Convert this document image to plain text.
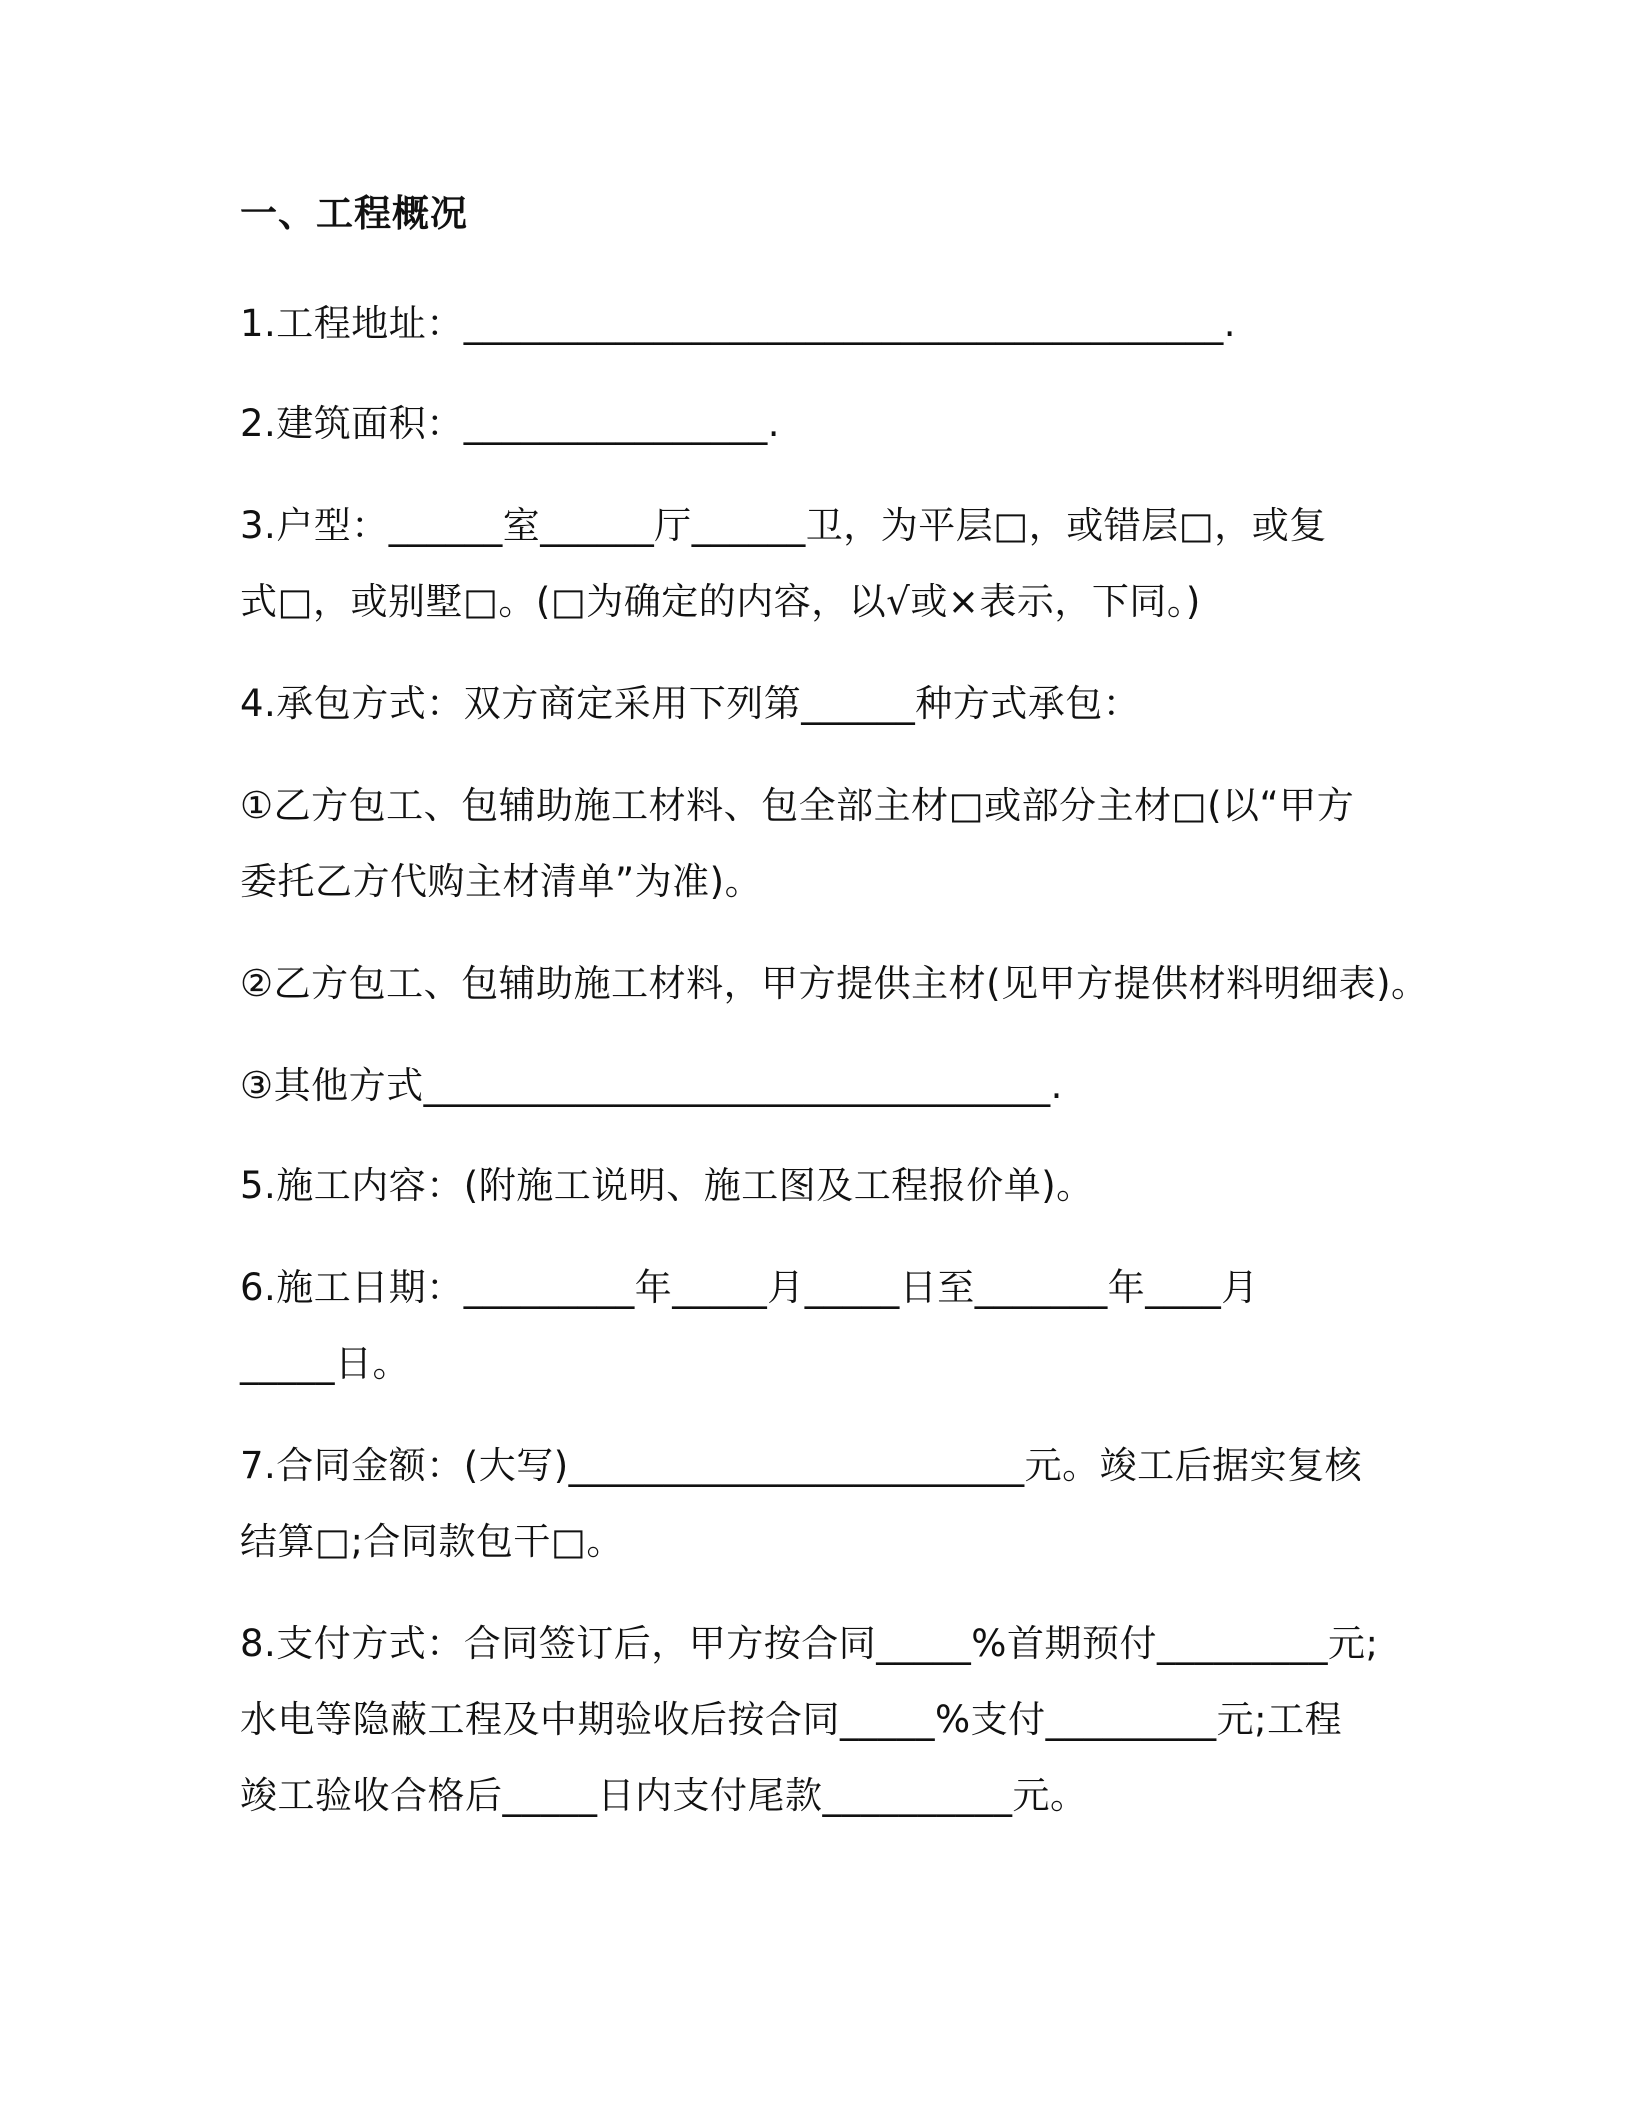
一、工程概况
1.工程地址：________________________________________.
2.建筑面积：________________.
3.户型：______室______厅______卫，为平层□，或错层□，或复
式□，或别墅□。(□为确定的内容，以√或×表示，下同。)
4.承包方式：双方商定采用下列第______种方式承包：
①乙方包工、包辅助施工材料、包全部主材□或部分主材□(以“甲方
委托乙方代购主材清单”为准)。
②乙方包工、包辅助施工材料，甲方提供主材(见甲方提供材料明细表)。
③其他方式_________________________________.
5.施工内容：(附施工说明、施工图及工程报价单)。
6.施工日期：_________年_____月_____日至_______年____月
_____日。
7.合同金额：(大写)________________________元。竣工后据实复核
结算□;合同款包干□。
8.支付方式：合同签订后，甲方按合同_____%首期预付_________元;
水电等隐蔽工程及中期验收后按合同_____%支付_________元;工程
竣工验收合格后_____日内支付尾款__________元。
